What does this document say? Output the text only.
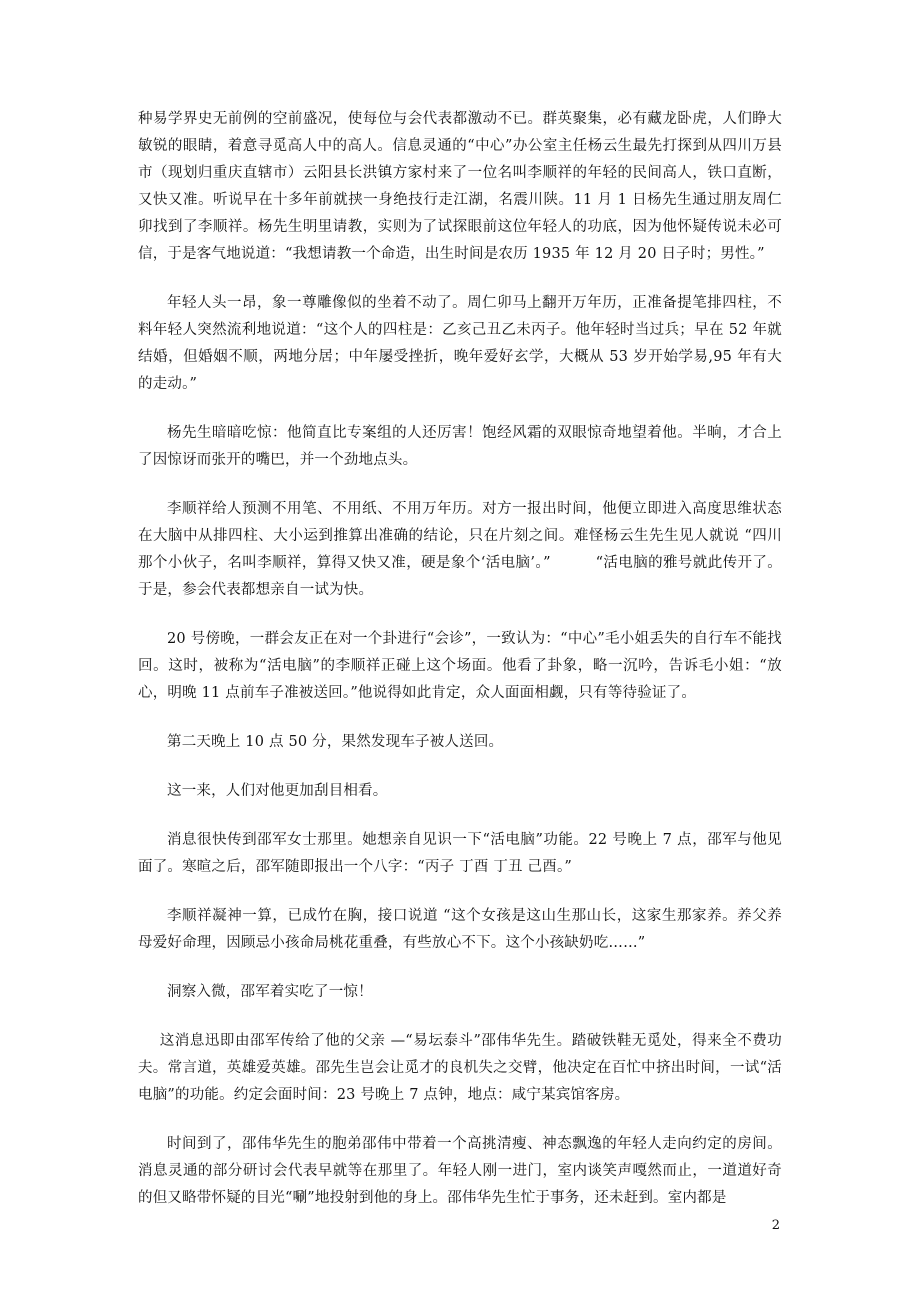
种易学界史无前例的空前盛况，使每位与会代表都激动不已。群英聚集，必有藏龙卧虎，人们睁大敏锐的眼睛，着意寻觅高人中的高人。信息灵通的“中心”办公室主任杨云生最先打探到从四川万县市（现划归重庆直辖市）云阳县长洪镇方家村来了一位名叫李顺祥的年轻的民间高人，铁口直断，又快又准。听说早在十多年前就挟一身绝技行走江湖，名震川陕。11 月 1 日杨先生通过朋友周仁卯找到了李顺祥。杨先生明里请教，实则为了试探眼前这位年轻人的功底，因为他怀疑传说未必可信，于是客气地说道：“我想请教一个命造，出生时间是农历 1935 年 12 月 20 日子时；男性。”

年轻人头一昂，象一尊雕像似的坐着不动了。周仁卯马上翻开万年历，正准备提笔排四柱，不料年轻人突然流利地说道：“这个人的四柱是：乙亥己丑乙未丙子。他年轻时当过兵；早在 52 年就结婚，但婚姻不顺，两地分居；中年屡受挫折，晚年爱好玄学，大概从 53 岁开始学易,95 年有大的走动。”

杨先生暗暗吃惊：他简直比专案组的人还厉害！饱经风霜的双眼惊奇地望着他。半晌，才合上了因惊讶而张开的嘴巴，并一个劲地点头。

李顺祥给人预测不用笔、不用纸、不用万年历。对方一报出时间，他便立即进入高度思维状态 在大脑中从排四柱、大小运到推算出准确的结论，只在片刻之间。难怪杨云生先生见人就说 “四川那个小伙子，名叫李顺祥，算得又快又准，硬是象个‘活电脑’。”　　　“活电脑的雅号就此传开了。于是，参会代表都想亲自一试为快。

20 号傍晚，一群会友正在对一个卦进行“会诊”，一致认为：“中心”毛小姐丢失的自行车不能找回。这时，被称为“活电脑”的李顺祥正碰上这个场面。他看了卦象，略一沉吟，告诉毛小姐：“放心，明晚 11 点前车子准被送回。”他说得如此肯定，众人面面相觑，只有等待验证了。

第二天晚上 10 点 50 分，果然发现车子被人送回。

这一来，人们对他更加刮目相看。

消息很快传到邵军女士那里。她想亲自见识一下“活电脑”功能。22 号晚上 7 点，邵军与他见面了。寒暄之后，邵军随即报出一个八字：“丙子 丁酉 丁丑 己酉。”

李顺祥凝神一算，已成竹在胸，接口说道 “这个女孩是这山生那山长，这家生那家养。养父养母爱好命理，因顾忌小孩命局桃花重叠，有些放心不下。这个小孩缺奶吃……”

洞察入微，邵军着实吃了一惊！

这消息迅即由邵军传给了他的父亲 —“易坛泰斗”邵伟华先生。踏破铁鞋无觅处，得来全不费功夫。常言道，英雄爱英雄。邵先生岂会让觅才的良机失之交臂，他决定在百忙中挤出时间，一试“活电脑”的功能。约定会面时间：23 号晚上 7 点钟，地点：咸宁某宾馆客房。

时间到了，邵伟华先生的胞弟邵伟中带着一个高挑清瘦、神态飘逸的年轻人走向约定的房间。消息灵通的部分研讨会代表早就等在那里了。年轻人刚一进门，室内谈笑声嘎然而止，一道道好奇的但又略带怀疑的目光“唰”地投射到他的身上。邵伟华先生忙于事务，还未赶到。室内都是

2
